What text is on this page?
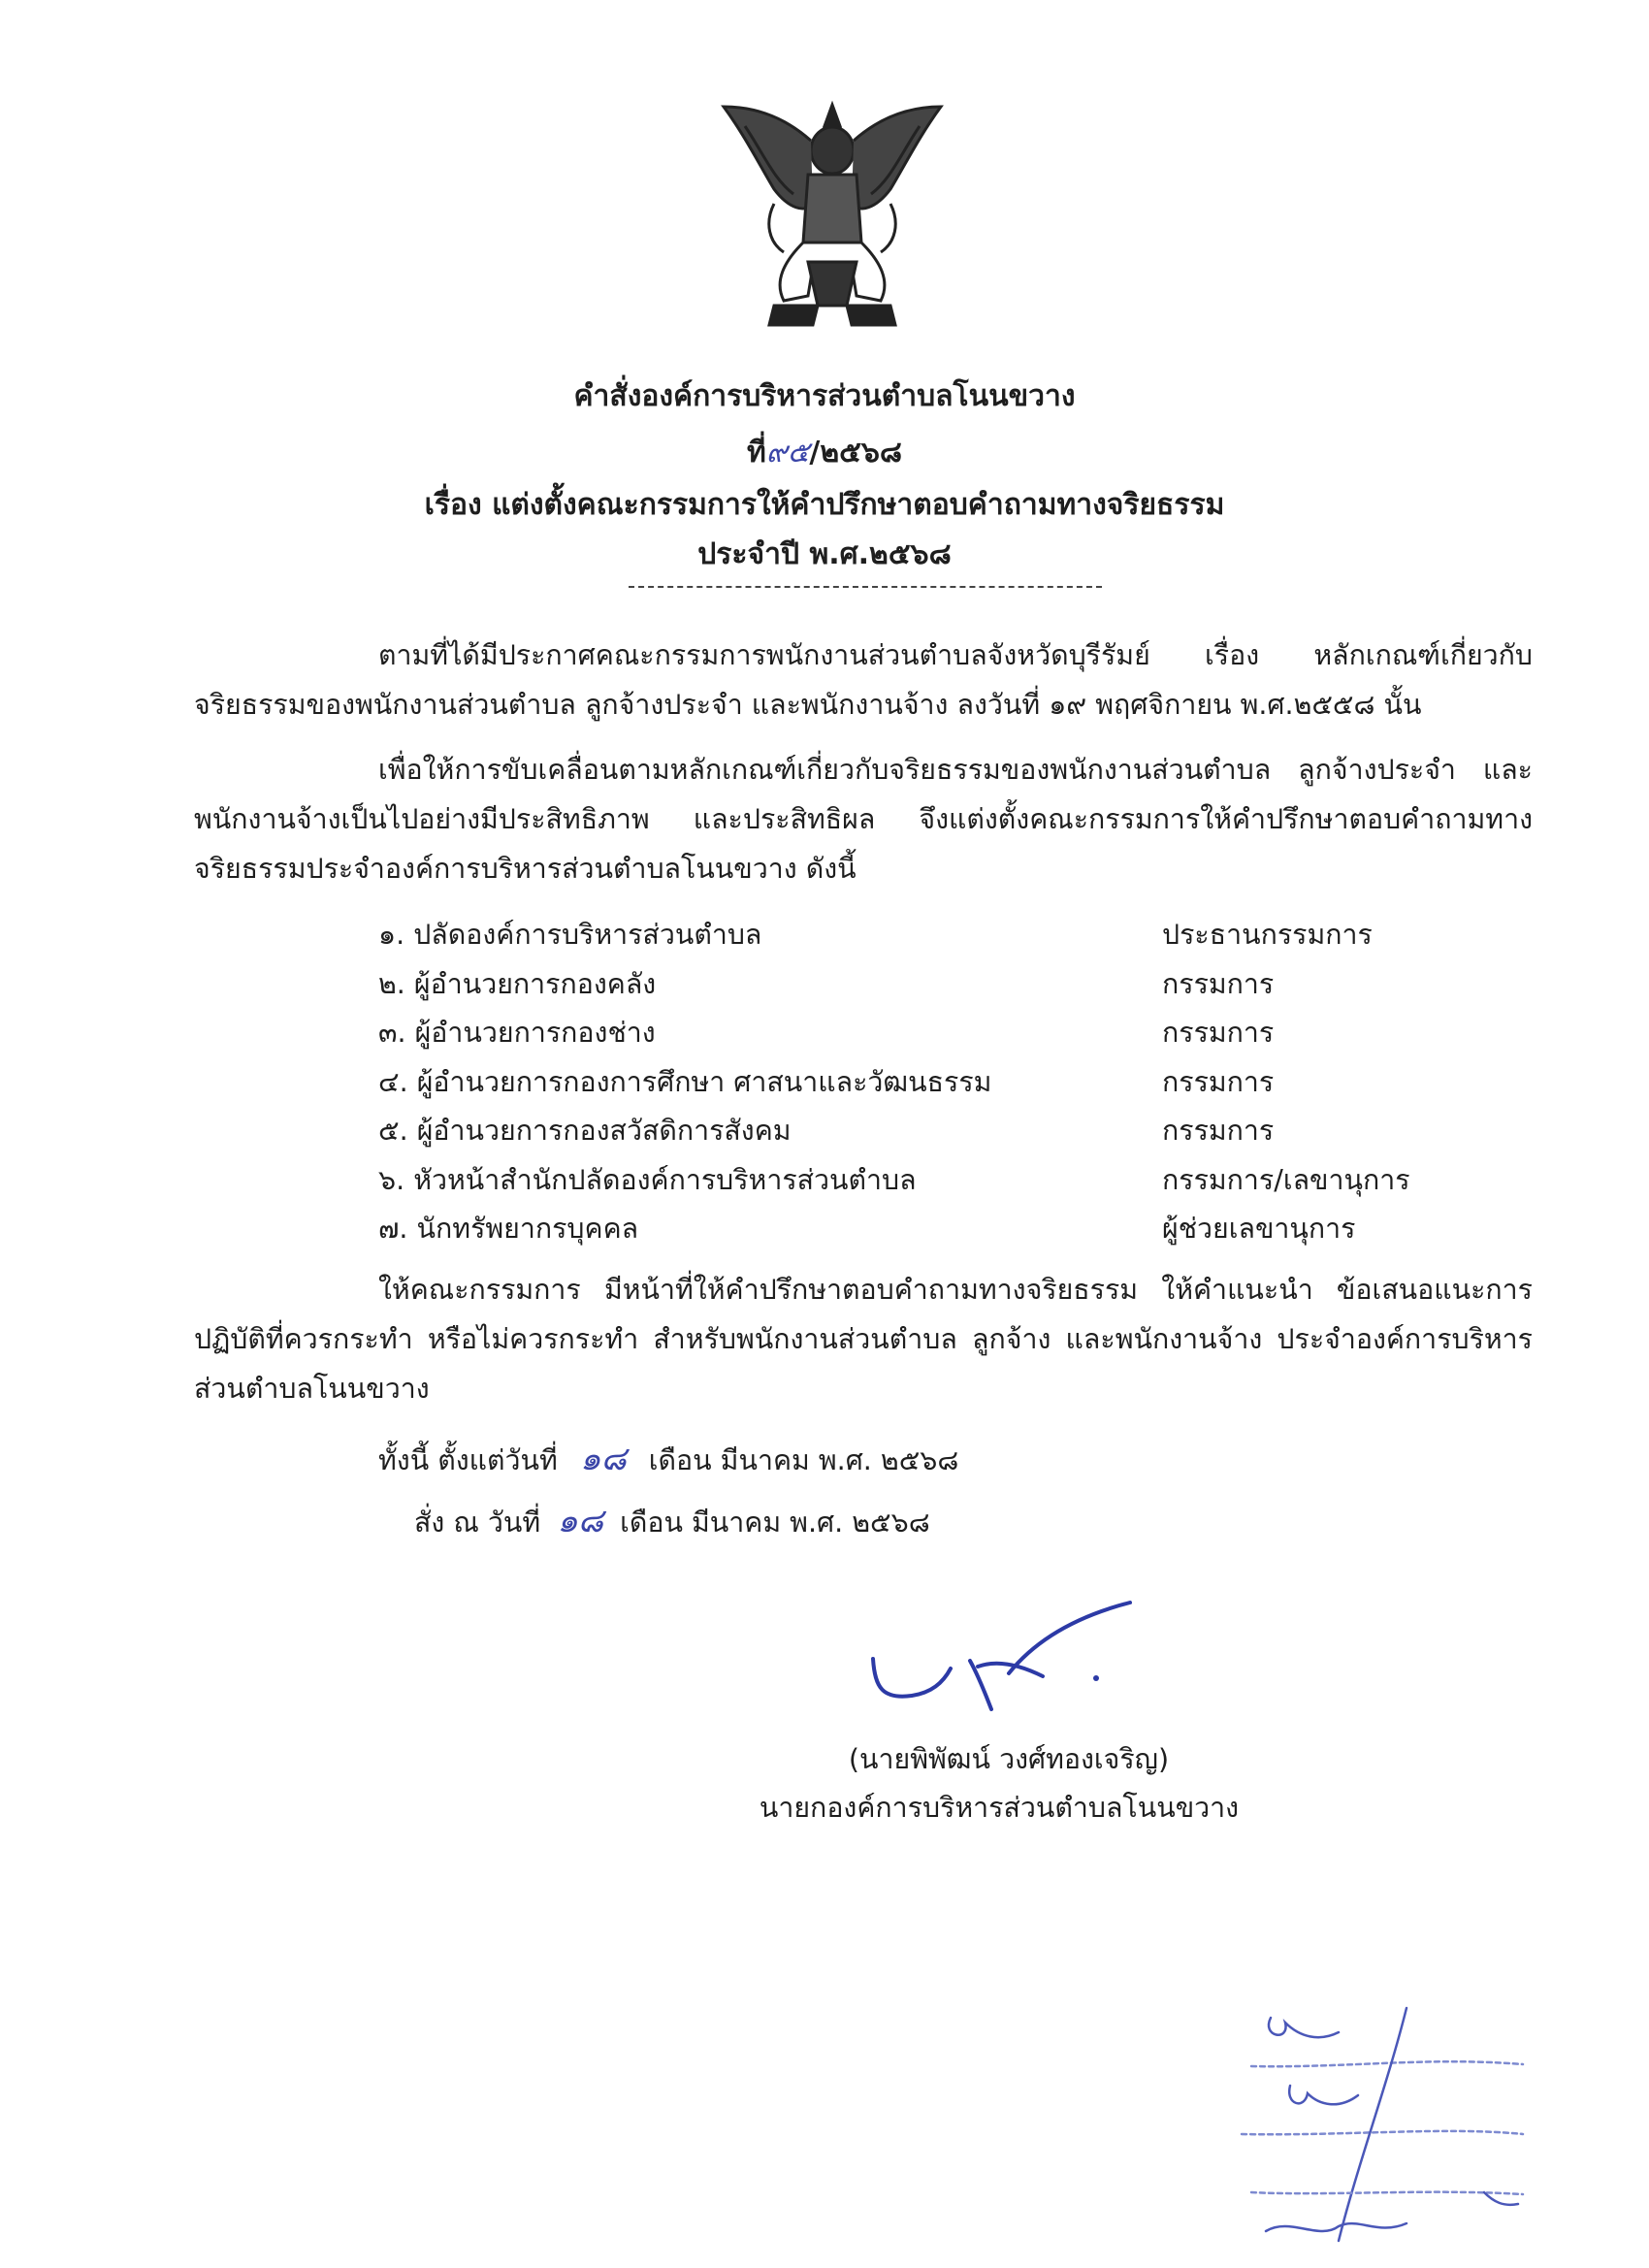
คำสั่งองค์การบริหารส่วนตำบลโนนขวาง
ที่๙๕/๒๕๖๘
เรื่อง แต่งตั้งคณะกรรมการให้คำปรึกษาตอบคำถามทางจริยธรรม
ประจำปี พ.ศ.๒๕๖๘

ตามที่ได้มีประกาศคณะกรรมการพนักงานส่วนตำบลจังหวัดบุรีรัมย์ เรื่อง หลักเกณฑ์เกี่ยวกับจริยธรรมของพนักงานส่วนตำบล ลูกจ้างประจำ และพนักงานจ้าง ลงวันที่ ๑๙ พฤศจิกายน พ.ศ.๒๕๕๘ นั้น

เพื่อให้การขับเคลื่อนตามหลักเกณฑ์เกี่ยวกับจริยธรรมของพนักงานส่วนตำบล ลูกจ้างประจำ และพนักงานจ้างเป็นไปอย่างมีประสิทธิภาพ และประสิทธิผล จึงแต่งตั้งคณะกรรมการให้คำปรึกษาตอบคำถามทางจริยธรรมประจำองค์การบริหารส่วนตำบลโนนขวาง ดังนี้

๑. ปลัดองค์การบริหารส่วนตำบล	ประธานกรรมการ
๒. ผู้อำนวยการกองคลัง	กรรมการ
๓. ผู้อำนวยการกองช่าง	กรรมการ
๔. ผู้อำนวยการกองการศึกษา ศาสนาและวัฒนธรรม	กรรมการ
๕. ผู้อำนวยการกองสวัสดิการสังคม	กรรมการ
๖. หัวหน้าสำนักปลัดองค์การบริหารส่วนตำบล	กรรมการ/เลขานุการ
๗. นักทรัพยากรบุคคล	ผู้ช่วยเลขานุการ

ให้คณะกรรมการ มีหน้าที่ให้คำปรึกษาตอบคำถามทางจริยธรรม ให้คำแนะนำ ข้อเสนอแนะการปฏิบัติที่ควรกระทำ หรือไม่ควรกระทำ สำหรับพนักงานส่วนตำบล ลูกจ้าง และพนักงานจ้าง ประจำองค์การบริหารส่วนตำบลโนนขวาง

ทั้งนี้ ตั้งแต่วันที่ ๑๘ เดือน มีนาคม พ.ศ. ๒๕๖๘
สั่ง ณ วันที่ ๑๘ เดือน มีนาคม พ.ศ. ๒๕๖๘
(นายพิพัฒน์ วงศ์ทองเจริญ)
นายกองค์การบริหารส่วนตำบลโนนขวาง
